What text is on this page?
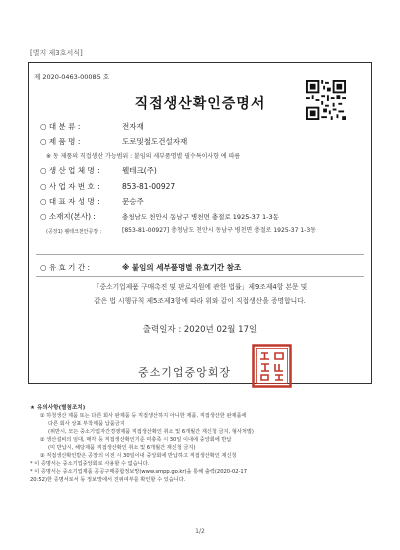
[별지 제3호서식]
제 2020-0463-00085 호
직접생산확인증명서
○ 대 분 류 :	전자재
○ 제 품 명 :	도로및철도건설자재
※ 동 제품의 직접생산 가능범위 : 붙임의 세부품명별 필수특이사항 에 따름
○ 생 산 업 체 명 :	웰테크(주)
○ 사 업 자 번 호 :	853-81-00927
○ 대 표 자 성 명 :	문승주
○ 소재지(본사) :	충청남도 천안시 동남구 병천면 충절로 1925-37 1-3동
(공장1) 웰테크천안공장 :	[853-81-00927] 충청남도 천안시 동남구 병천면 충절로 1925-37 1-3동
○ 유 효 기 간 :	※ 붙임의 세부품명별 유효기간 참조
「중소기업제품 구매촉진 및 판로지원에 관한 법률」제9조제4항 본문 및
같은 법 시행규칙 제5조제3항에 따라 위와 같이 직접생산을 증명합니다.
출력일자 : 2020년 02월 17일
중소기업중앙회장
★ 유의사항(별첨조치)
① 하청생산 제품 또는 다른 회사 완제품 등 직접생산하지 아니한 제품, 직접생산한 완제품에
다른 회사 상표 부착제품 납품금지
(위반시, 모든 중소기업자간경쟁제품 직접생산확인 취소 및 6개월간 재신청 금지, 형사처벌)
② 생산설비의 임대, 매각 등 직접생산확인기준 미충족 시 30일 이내에 중앙회에 반납
(미 반납시, 해당제품 직접생산확인 취소 및 6개월간 재신청 금지)
③ 직접생산확인받은 공장의 이전 시 30일이내 중앙회에 반납하고 직접생산확인 재신청
* 이 증명서는 중소기업중앙회로 사용할 수 없습니다.
* 이 증명서는 중소기업제품 공공구매종합정보망(www.smpp.go.kr)을 통해 출력(2020-02-17
20:52)한 증명서로서 동 정보망에서 진위여부를 확인할 수 있습니다.
1/2
